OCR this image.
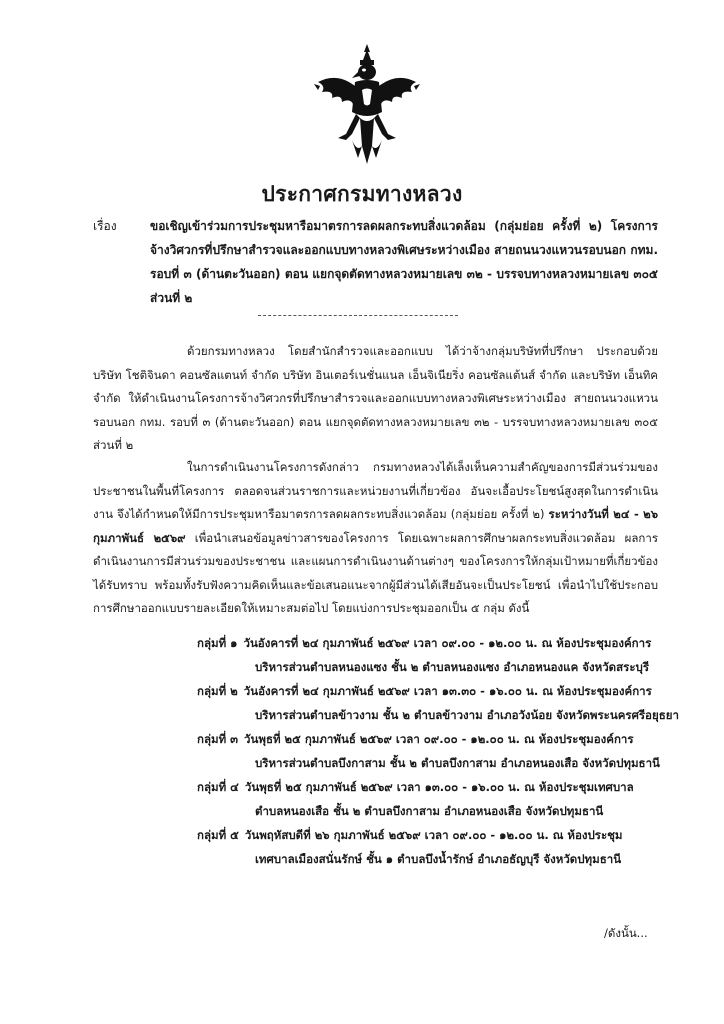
ประกาศกรมทางหลวง
เรื่อง	ขอเชิญเข้าร่วมการประชุมหารือมาตรการลดผลกระทบสิ่งแวดล้อม (กลุ่มย่อย ครั้งที่ ๒) โครงการจ้างวิศวกรที่ปรึกษาสำรวจและออกแบบทางหลวงพิเศษระหว่างเมือง สายถนนวงแหวนรอบนอก กทม. รอบที่ ๓ (ด้านตะวันออก) ตอน แยกจุดตัดทางหลวงหมายเลข ๓๒ - บรรจบทางหลวงหมายเลข ๓๐๕ ส่วนที่ ๒
ด้วยกรมทางหลวง โดยสำนักสำรวจและออกแบบ ได้ว่าจ้างกลุ่มบริษัทที่ปรึกษา ประกอบด้วย บริษัท โชติจินดา คอนซัลแตนท์ จำกัด บริษัท อินเตอร์เนชั่นแนล เอ็นจิเนียริ่ง คอนซัลแต้นส์ จำกัด และบริษัท เอ็นทิค จำกัด ให้ดำเนินงานโครงการจ้างวิศวกรที่ปรึกษาสำรวจและออกแบบทางหลวงพิเศษระหว่างเมือง สายถนนวงแหวนรอบนอก กทม. รอบที่ ๓ (ด้านตะวันออก) ตอน แยกจุดตัดทางหลวงหมายเลข ๓๒ - บรรจบทางหลวงหมายเลข ๓๐๕ ส่วนที่ ๒
ในการดำเนินงานโครงการดังกล่าว กรมทางหลวงได้เล็งเห็นความสำคัญของการมีส่วนร่วมของประชาชนในพื้นที่โครงการ ตลอดจนส่วนราชการและหน่วยงานที่เกี่ยวข้อง อันจะเอื้อประโยชน์สูงสุดในการดำเนินงาน จึงได้กำหนดให้มีการประชุมหารือมาตรการลดผลกระทบสิ่งแวดล้อม (กลุ่มย่อย ครั้งที่ ๒) ระหว่างวันที่ ๒๔ - ๒๖ กุมภาพันธ์ ๒๕๖๙ เพื่อนำเสนอข้อมูลข่าวสารของโครงการ โดยเฉพาะผลการศึกษาผลกระทบสิ่งแวดล้อม ผลการดำเนินงานการมีส่วนร่วมของประชาชน และแผนการดำเนินงานด้านต่างๆ ของโครงการให้กลุ่มเป้าหมายที่เกี่ยวข้องได้รับทราบ พร้อมทั้งรับฟังความคิดเห็นและข้อเสนอแนะจากผู้มีส่วนได้เสียอันจะเป็นประโยชน์ เพื่อนำไปใช้ประกอบการศึกษาออกแบบรายละเอียดให้เหมาะสมต่อไป โดยแบ่งการประชุมออกเป็น ๕ กลุ่ม ดังนี้
กลุ่มที่ ๑ วันอังคารที่ ๒๔ กุมภาพันธ์ ๒๕๖๙ เวลา ๐๙.๐๐ - ๑๒.๐๐ น. ณ ห้องประชุมองค์การ
บริหารส่วนตำบลหนองแซง ชั้น ๒ ตำบลหนองแซง อำเภอหนองแค จังหวัดสระบุรี
กลุ่มที่ ๒ วันอังคารที่ ๒๔ กุมภาพันธ์ ๒๕๖๙ เวลา ๑๓.๓๐ - ๑๖.๐๐ น. ณ ห้องประชุมองค์การ
บริหารส่วนตำบลข้าวงาม ชั้น ๒ ตำบลข้าวงาม อำเภอวังน้อย จังหวัดพระนครศรีอยุธยา
กลุ่มที่ ๓ วันพุธที่ ๒๕ กุมภาพันธ์ ๒๕๖๙ เวลา ๐๙.๐๐ - ๑๒.๐๐ น. ณ ห้องประชุมองค์การ
บริหารส่วนตำบลบึงกาสาม ชั้น ๒ ตำบลบึงกาสาม อำเภอหนองเสือ จังหวัดปทุมธานี
กลุ่มที่ ๔ วันพุธที่ ๒๕ กุมภาพันธ์ ๒๕๖๙ เวลา ๑๓.๐๐ - ๑๖.๐๐ น. ณ ห้องประชุมเทศบาล
ตำบลหนองเสือ ชั้น ๒ ตำบลบึงกาสาม อำเภอหนองเสือ จังหวัดปทุมธานี
กลุ่มที่ ๕ วันพฤหัสบดีที่ ๒๖ กุมภาพันธ์ ๒๕๖๙ เวลา ๐๙.๐๐ - ๑๒.๐๐ น. ณ ห้องประชุม
เทศบาลเมืองสนั่นรักษ์ ชั้น ๑ ตำบลบึงน้ำรักษ์ อำเภอธัญบุรี จังหวัดปทุมธานี
/ดังนั้น...
